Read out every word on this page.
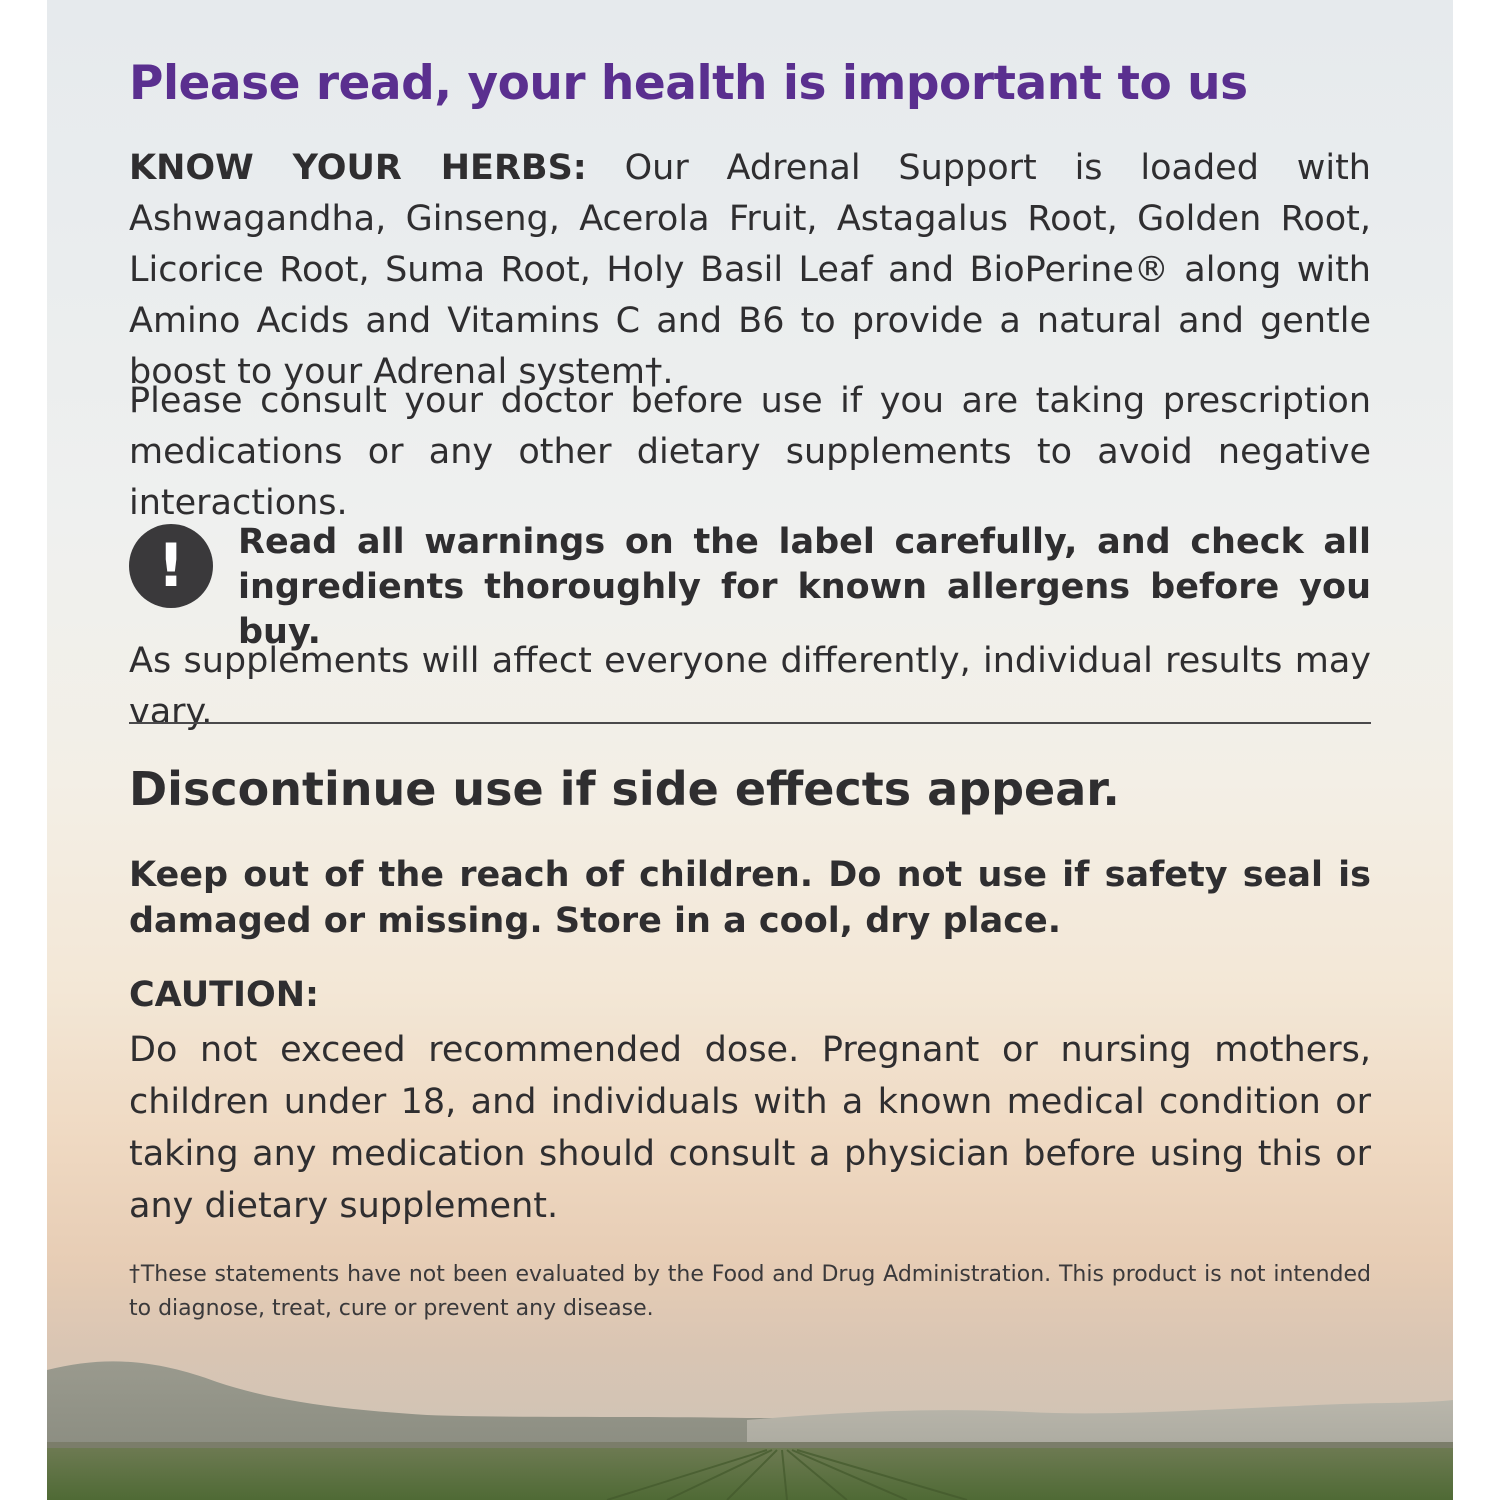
Please read, your health is important to us

KNOW YOUR HERBS: Our Adrenal Support is loaded with Ashwagandha, Ginseng, Acerola Fruit, Astagalus Root, Golden Root, Licorice Root, Suma Root, Holy Basil Leaf and BioPerine® along with Amino Acids and Vitamins C and B6 to provide a natural and gentle boost to your Adrenal system†.

Please consult your doctor before use if you are taking prescription medications or any other dietary supplements to avoid negative interactions.

!	Read all warnings on the label carefully, and check all ingredients thoroughly for known allergens before you buy.

As supplements will affect everyone differently, individual results may vary.

Discontinue use if side effects appear.

Keep out of the reach of children. Do not use if safety seal is damaged or missing. Store in a cool, dry place.

CAUTION:

Do not exceed recommended dose. Pregnant or nursing mothers, children under 18, and individuals with a known medical condition or taking any medication should consult a physician before using this or any dietary supplement.

†These statements have not been evaluated by the Food and Drug Administration. This product is not intended to diagnose, treat, cure or prevent any disease.
